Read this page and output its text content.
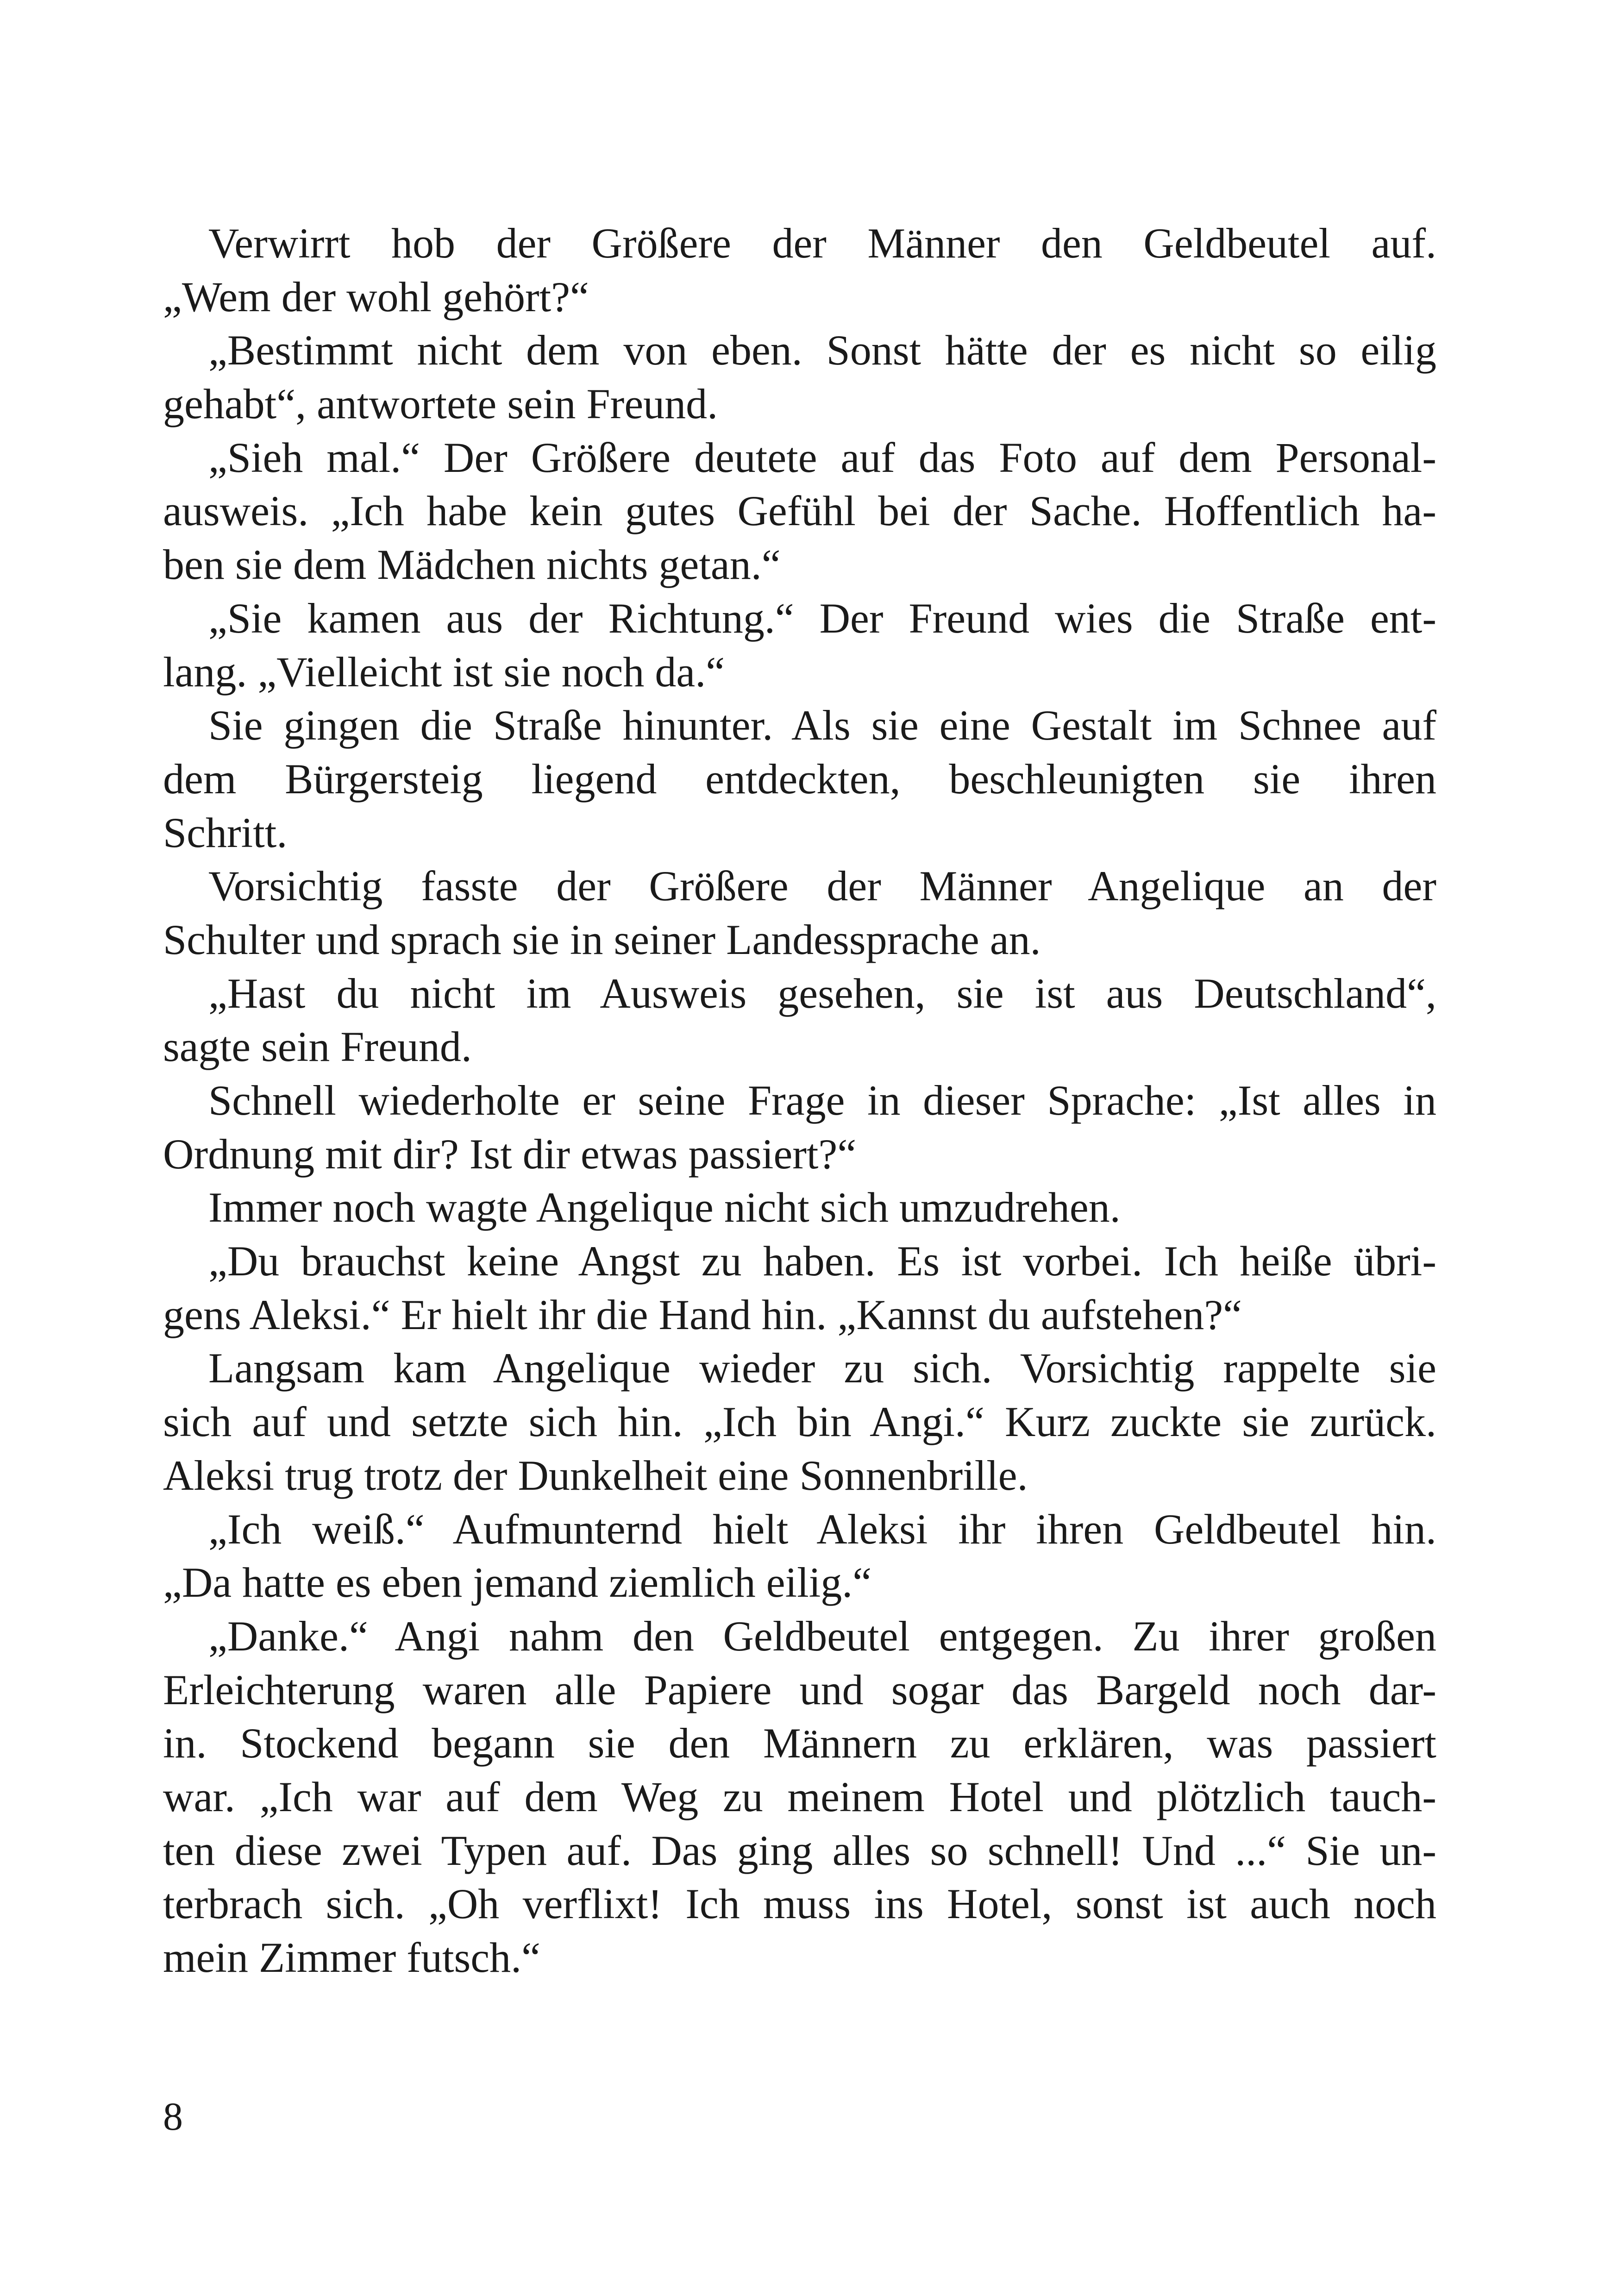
Verwirrt hob der Größere der Männer den Geldbeutel auf.
„Wem der wohl gehört?“
„Bestimmt nicht dem von eben. Sonst hätte der es nicht so eilig
gehabt“, antwortete sein Freund.
„Sieh mal.“ Der Größere deutete auf das Foto auf dem Personal-
ausweis. „Ich habe kein gutes Gefühl bei der Sache. Hoffentlich ha-
ben sie dem Mädchen nichts getan.“
„Sie kamen aus der Richtung.“ Der Freund wies die Straße ent-
lang. „Vielleicht ist sie noch da.“
Sie gingen die Straße hinunter. Als sie eine Gestalt im Schnee auf
dem Bürgersteig liegend entdeckten, beschleunigten sie ihren
Schritt.
Vorsichtig fasste der Größere der Männer Angelique an der
Schulter und sprach sie in seiner Landessprache an.
„Hast du nicht im Ausweis gesehen, sie ist aus Deutschland“,
sagte sein Freund.
Schnell wiederholte er seine Frage in dieser Sprache: „Ist alles in
Ordnung mit dir? Ist dir etwas passiert?“
Immer noch wagte Angelique nicht sich umzudrehen.
„Du brauchst keine Angst zu haben. Es ist vorbei. Ich heiße übri-
gens Aleksi.“ Er hielt ihr die Hand hin. „Kannst du aufstehen?“
Langsam kam Angelique wieder zu sich. Vorsichtig rappelte sie
sich auf und setzte sich hin. „Ich bin Angi.“ Kurz zuckte sie zurück.
Aleksi trug trotz der Dunkelheit eine Sonnenbrille.
„Ich weiß.“ Aufmunternd hielt Aleksi ihr ihren Geldbeutel hin.
„Da hatte es eben jemand ziemlich eilig.“
„Danke.“ Angi nahm den Geldbeutel entgegen. Zu ihrer großen
Erleichterung waren alle Papiere und sogar das Bargeld noch dar-
in. Stockend begann sie den Männern zu erklären, was passiert
war. „Ich war auf dem Weg zu meinem Hotel und plötzlich tauch-
ten diese zwei Typen auf. Das ging alles so schnell! Und ...“ Sie un-
terbrach sich. „Oh verflixt! Ich muss ins Hotel, sonst ist auch noch
mein Zimmer futsch.“
8
